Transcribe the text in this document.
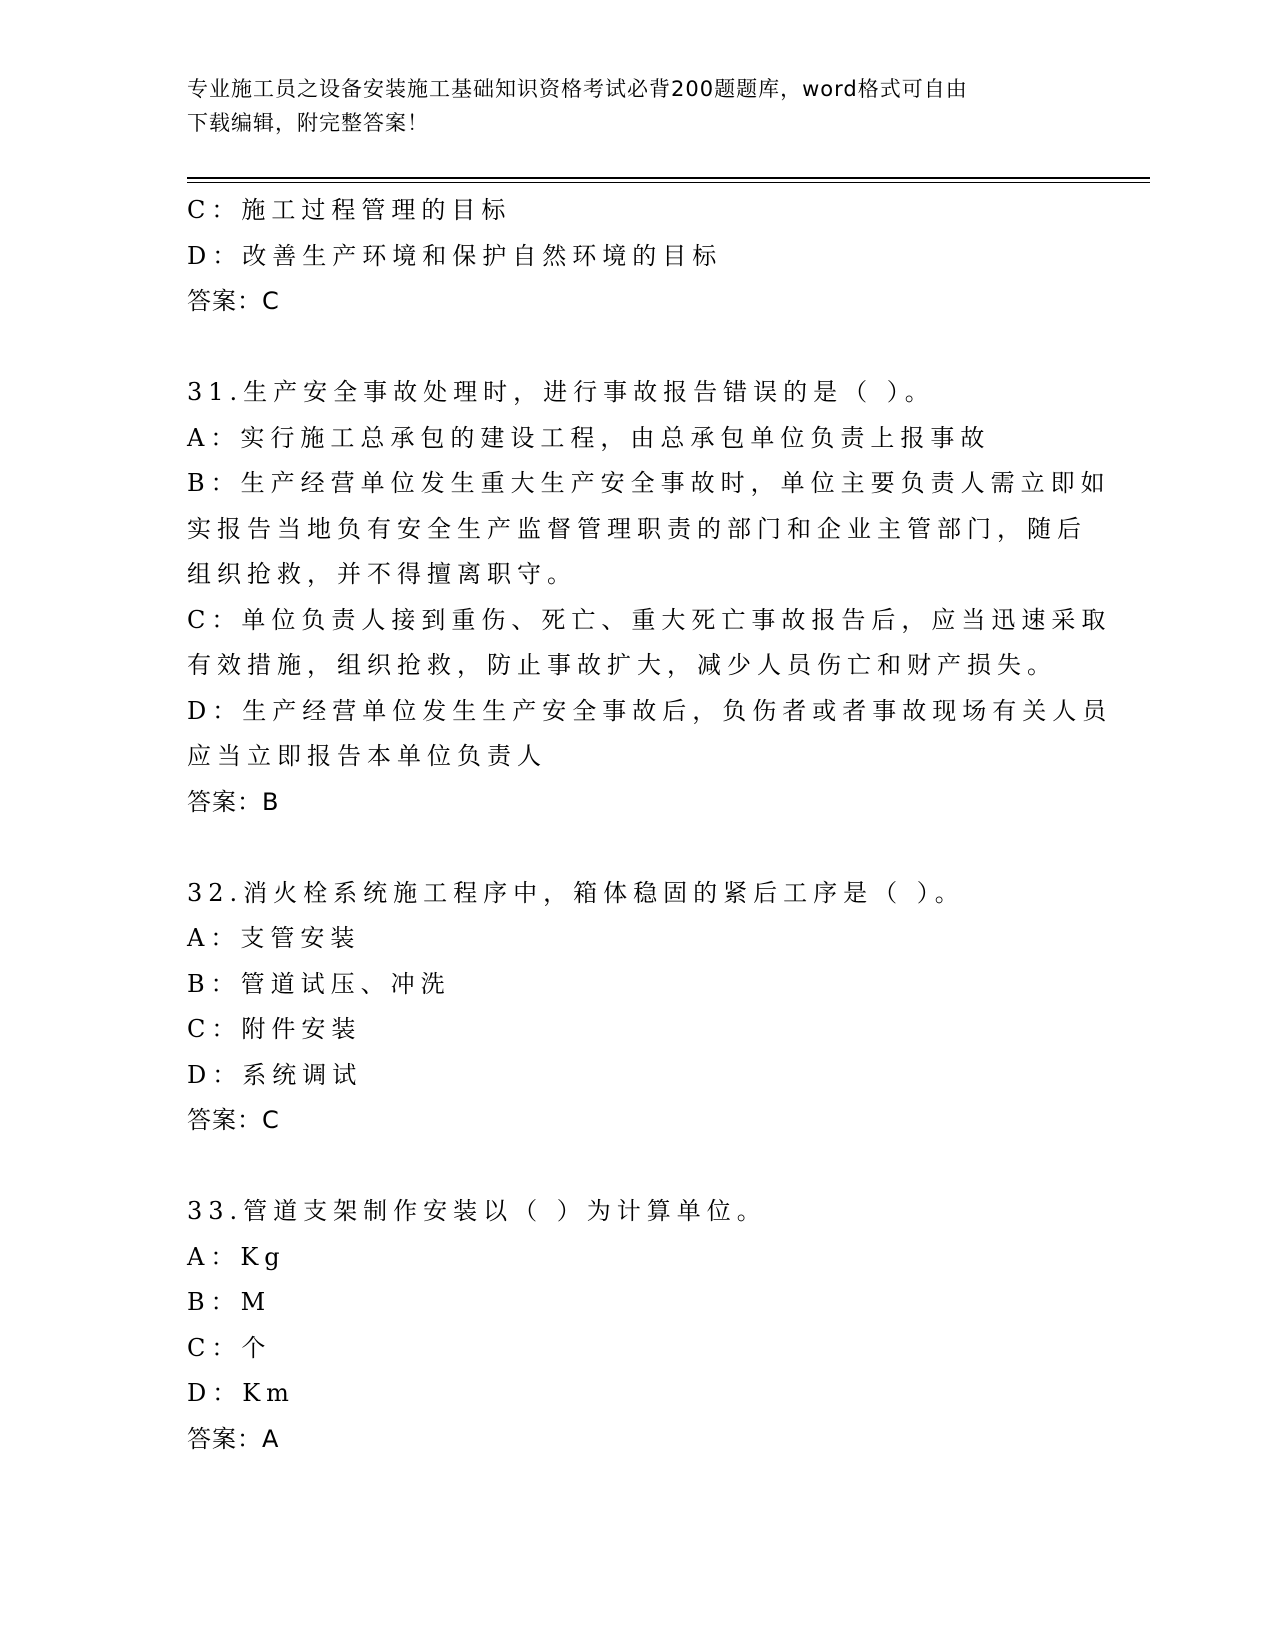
专业施工员之设备安装施工基础知识资格考试必背200题题库，word格式可自由
下载编辑，附完整答案！
C：施工过程管理的目标
D：改善生产环境和保护自然环境的目标
答案：C
31.生产安全事故处理时，进行事故报告错误的是（ ）。
A：实行施工总承包的建设工程，由总承包单位负责上报事故
B：生产经营单位发生重大生产安全事故时，单位主要负责人需立即如
实报告当地负有安全生产监督管理职责的部门和企业主管部门，随后
组织抢救，并不得擅离职守。
C：单位负责人接到重伤、死亡、重大死亡事故报告后，应当迅速采取
有效措施，组织抢救，防止事故扩大，减少人员伤亡和财产损失。
D：生产经营单位发生生产安全事故后，负伤者或者事故现场有关人员
应当立即报告本单位负责人
答案：B
32.消火栓系统施工程序中，箱体稳固的紧后工序是（ ）。
A：支管安装
B：管道试压、冲洗
C：附件安装
D：系统调试
答案：C
33.管道支架制作安装以（ ）为计算单位。
A：Kg
B：M
C：个
D：Km
答案：A
